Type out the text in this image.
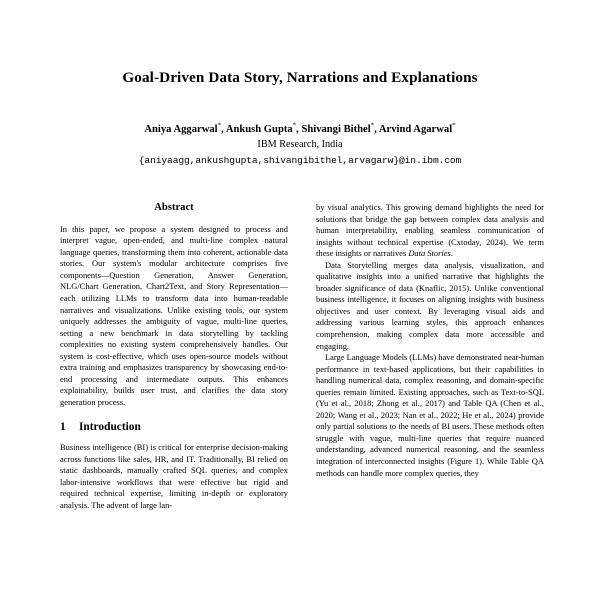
Goal-Driven Data Story, Narrations and Explanations
Aniya Aggarwal*, Ankush Gupta*, Shivangi Bithel*, Arvind Agarwal*
IBM Research, India
{aniyaagg,ankushgupta,shivangibithel,arvagarw}@in.ibm.com
Abstract

In this paper, we propose a system designed to process and interpret vague, open-ended, and multi-line complex natural language queries, transforming them into coherent, actionable data stories. Our system's modular architecture comprises five components—Question Generation, Answer Generation, NLG/Chart Generation, Chart2Text, and Story Representation—each utilizing LLMs to transform data into human-readable narratives and visualizations. Unlike existing tools, our system uniquely addresses the ambiguity of vague, multi-line queries, setting a new benchmark in data storytelling by tackling complexities no existing system comprehensively handles. Our system is cost-effective, which uses open-source models without extra training and emphasizes transparency by showcasing end-to-end processing and intermediate outputs. This enhances explainability, builds user trust, and clarifies the data story generation process.

1	Introduction

Business intelligence (BI) is critical for enterprise decision-making across functions like sales, HR, and IT. Traditionally, BI relied on static dashboards, manually crafted SQL queries, and complex labor-intensive workflows that were effective but rigid and required technical expertise, limiting in-depth or exploratory analysis. The advent of large lan-

by visual analytics. This growing demand highlights the need for solutions that bridge the gap between complex data analysis and human interpretability, enabling seamless communication of insights without technical expertise (Cxtoday, 2024). We term these insights or narratives Data Stories.

Data Storytelling merges data analysis, visualization, and qualitative insights into a unified narrative that highlights the broader significance of data (Knaflic, 2015). Unlike conventional business intelligence, it focuses on aligning insights with business objectives and user context. By leveraging visual aids and addressing various learning styles, this approach enhances comprehension, making complex data more accessible and engaging.

Large Language Models (LLMs) have demonstrated near-human performance in text-based applications, but their capabilities in handling numerical data, complex reasoning, and domain-specific queries remain limited. Existing approaches, such as Text-to-SQL (Yu et al., 2018; Zhong et al., 2017) and Table QA (Chen et al., 2020; Wang et al., 2023; Nan et al., 2022; He et al., 2024) provide only partial solutions to the needs of BI users. These methods often struggle with vague, multi-line queries that require nuanced understanding, advanced numerical reasoning, and the seamless integration of interconnected insights (Figure 1). While Table QA methods can handle more complex queries, they
